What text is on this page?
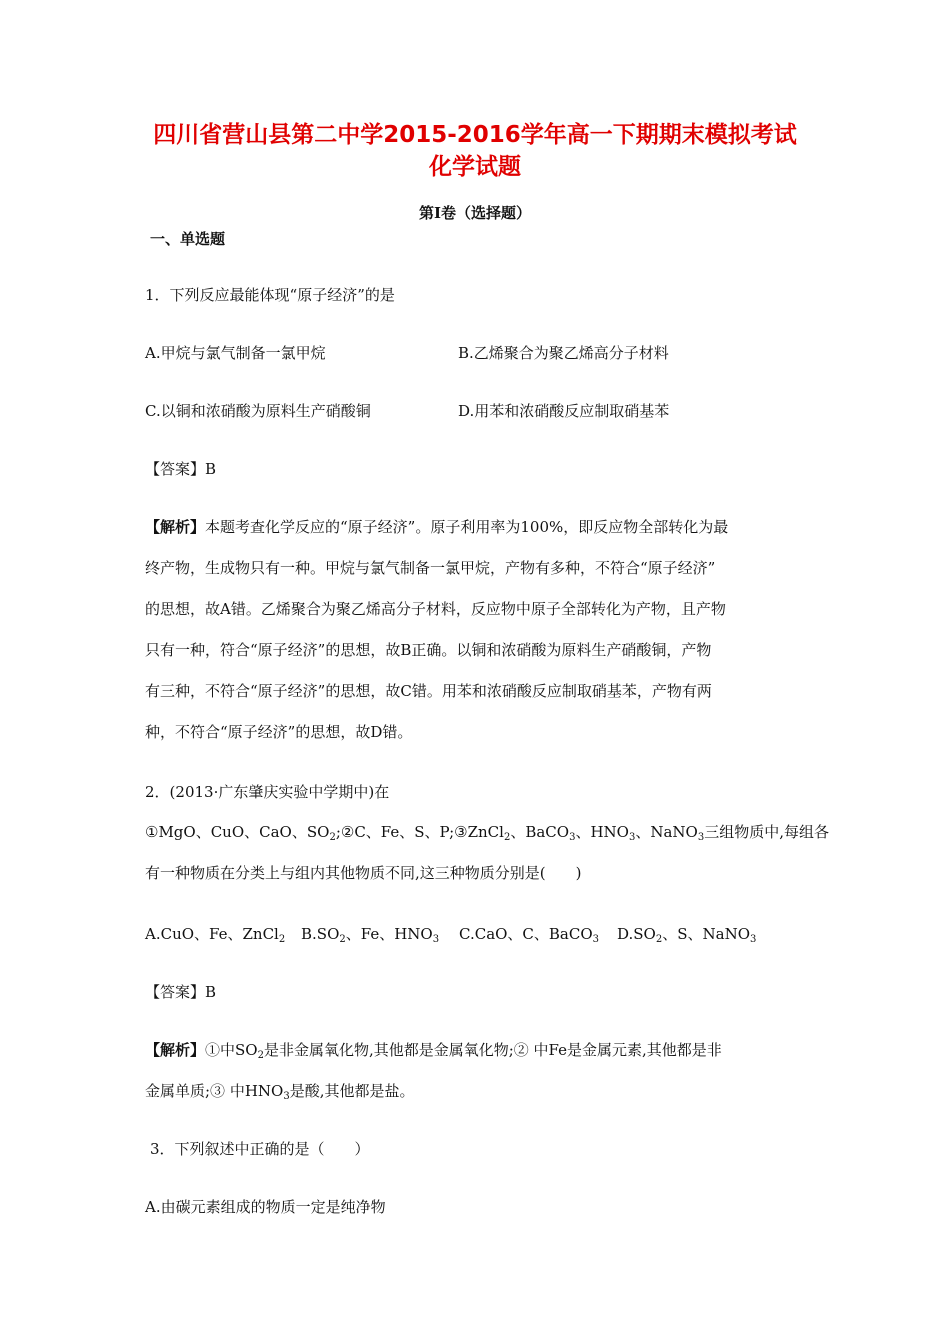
四川省营山县第二中学2015-2016学年高一下期期末模拟考试
化学试题
第Ⅰ卷（选择题）
一、单选题
1．下列反应最能体现“原子经济”的是
A.甲烷与氯气制备一氯甲烷	B.乙烯聚合为聚乙烯高分子材料
C.以铜和浓硝酸为原料生产硝酸铜	D.用苯和浓硝酸反应制取硝基苯
【答案】B
【解析】本题考查化学反应的“原子经济”。原子利用率为100%，即反应物全部转化为最
终产物，生成物只有一种。甲烷与氯气制备一氯甲烷，产物有多种，不符合“原子经济”
的思想，故A错。乙烯聚合为聚乙烯高分子材料，反应物中原子全部转化为产物，且产物
只有一种，符合“原子经济”的思想，故B正确。以铜和浓硝酸为原料生产硝酸铜，产物
有三种，不符合“原子经济”的思想，故C错。用苯和浓硝酸反应制取硝基苯，产物有两
种，不符合“原子经济”的思想，故D错。
2．(2013·广东肇庆实验中学期中)在
①MgO、CuO、CaO、$SO_2;②C$、Fe、S、P;③ZnCl$_2$、BaCO$_3$、$HNO_3$、NaNO$_3$三组物质中,每组各
有一种物质在分类上与组内其他物质不同,这三种物质分别是(　　)
A.CuO、Fe、ZnCl$_2$ $B.SO_2$、Fe、$HNO_3$ C.CaO、C、BaCO$_3$ $D.SO_2$、S、NaNO$_3$
【答案】B
【解析】①中$SO_2$是非金属氧化物,其他都是金属氧化物;② 中Fe是金属元素,其他都是非
金属单质;③ 中$HNO_3$是酸,其他都是盐。
3．下列叙述中正确的是（　　）
A.由碳元素组成的物质一定是纯净物
